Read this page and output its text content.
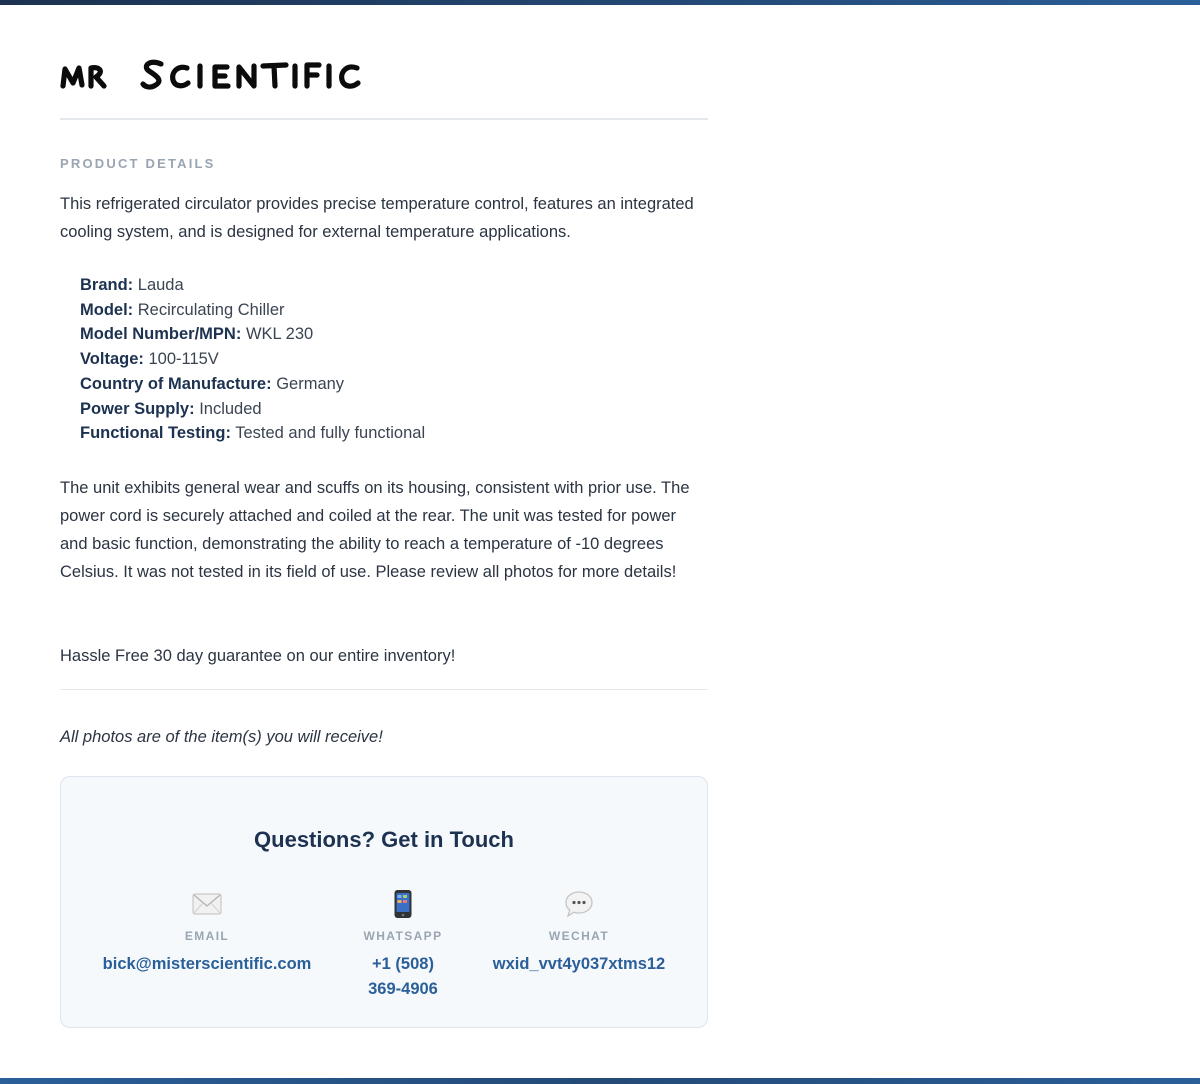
PRODUCT DETAILS
This refrigerated circulator provides precise temperature control, features an integrated cooling system, and is designed for external temperature applications.
Brand: Lauda
Model: Recirculating Chiller
Model Number/MPN: WKL 230
Voltage: 100-115V
Country of Manufacture: Germany
Power Supply: Included
Functional Testing: Tested and fully functional
The unit exhibits general wear and scuffs on its housing, consistent with prior use. The power cord is securely attached and coiled at the rear. The unit was tested for power and basic function, demonstrating the ability to reach a temperature of -10 degrees Celsius. It was not tested in its field of use. Please review all photos for more details!
Hassle Free 30 day guarantee on our entire inventory!
All photos are of the item(s) you will receive!
Questions? Get in Touch
EMAIL
bick@misterscientific.com
WHATSAPP
+1 (508)
369-4906
WECHAT
wxid_vvt4y037xtms12
